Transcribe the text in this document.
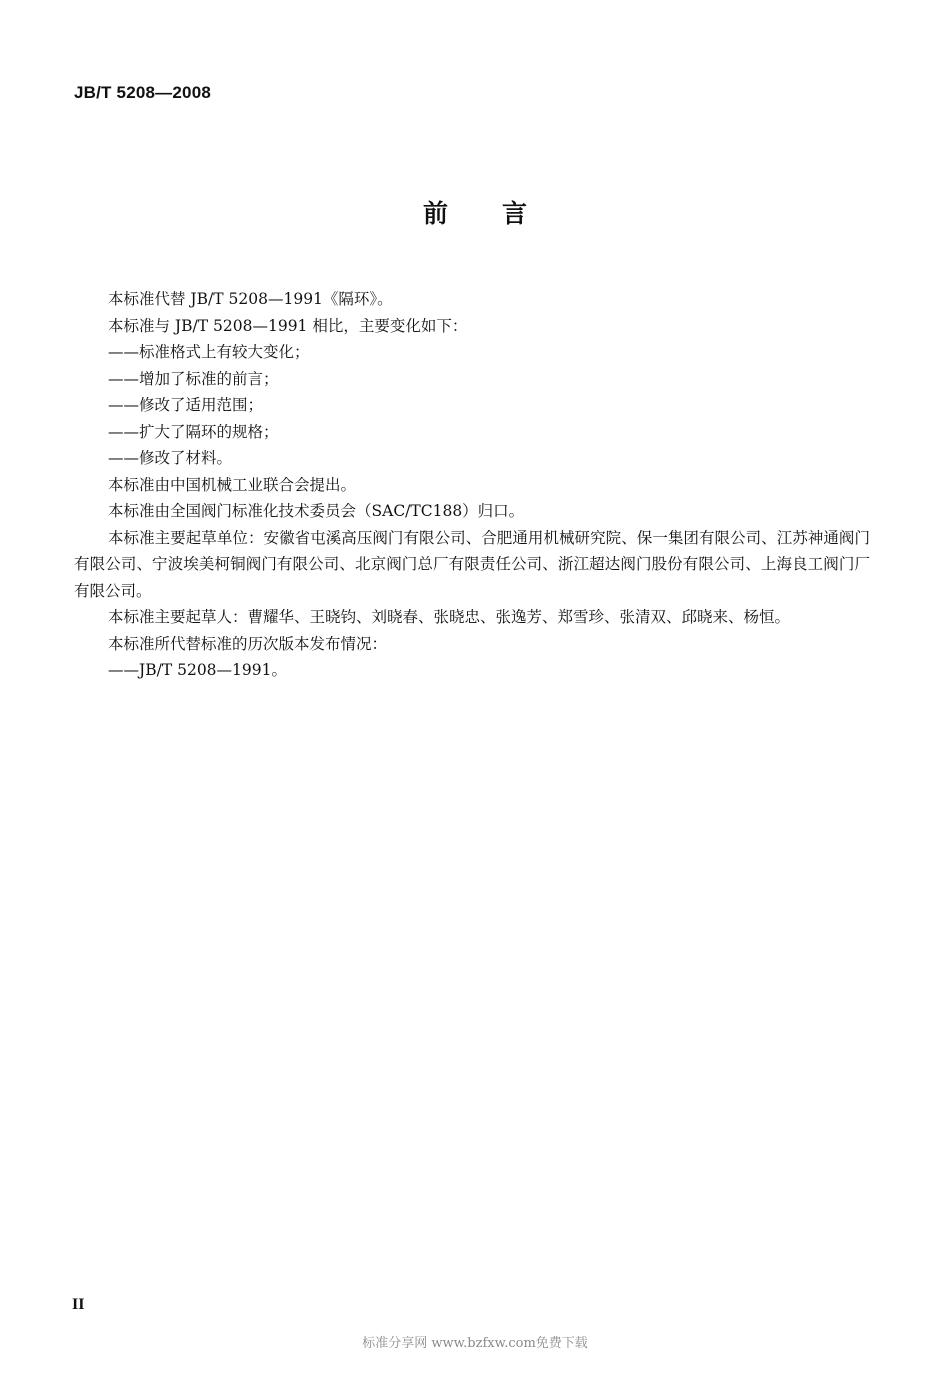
JB/T 5208—2008
前 言

本标准代替 JB/T 5208—1991《隔环》。

本标准与 JB/T 5208—1991 相比，主要变化如下：

——标准格式上有较大变化；

——增加了标准的前言；

——修改了适用范围；

——扩大了隔环的规格；

——修改了材料。

本标准由中国机械工业联合会提出。

本标准由全国阀门标准化技术委员会（SAC/TC188）归口。

本标准主要起草单位：安徽省屯溪高压阀门有限公司、合肥通用机械研究院、保一集团有限公司、江苏神通阀门有限公司、宁波埃美柯铜阀门有限公司、北京阀门总厂有限责任公司、浙江超达阀门股份有限公司、上海良工阀门厂有限公司。

本标准主要起草人：曹耀华、王晓钧、刘晓春、张晓忠、张逸芳、郑雪珍、张清双、邱晓来、杨恒。

本标准所代替标准的历次版本发布情况：

——JB/T 5208—1991。

II
标准分享网 www.bzfxw.com免费下载
